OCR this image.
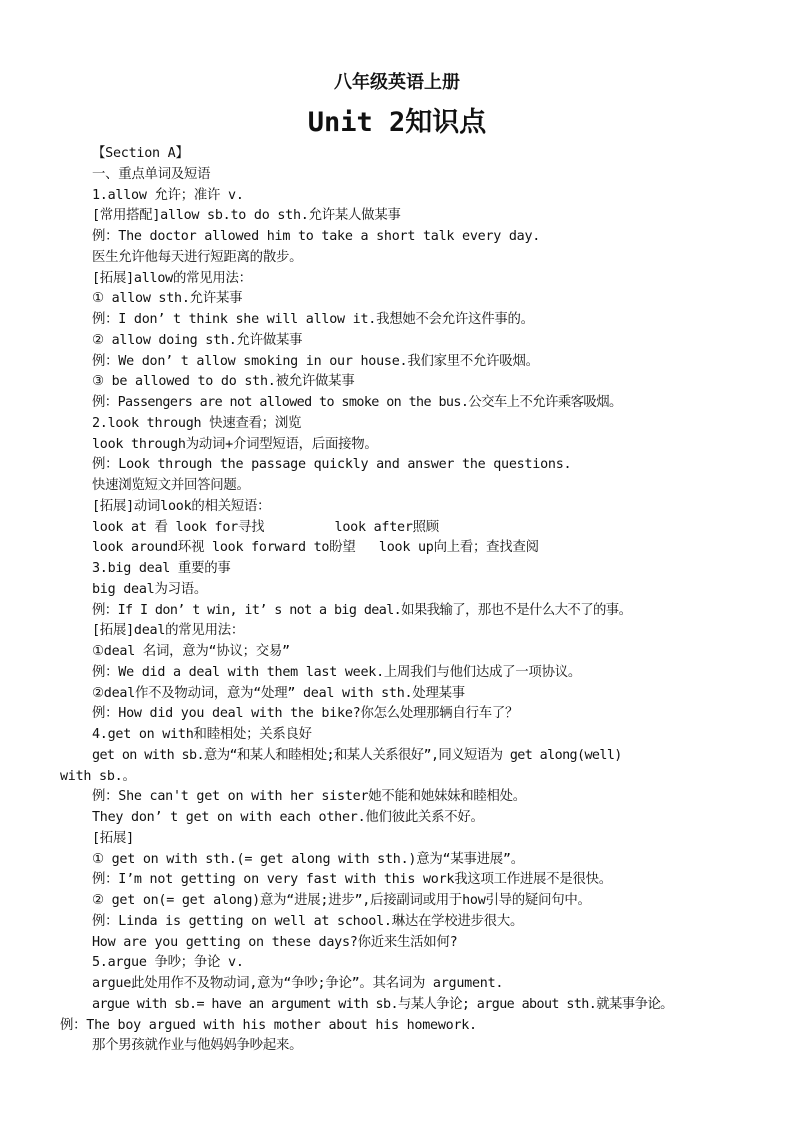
八年级英语上册
Unit 2知识点
【Section A】
一、重点单词及短语
1.allow 允许；准许 v.
[常用搭配]allow sb.to do sth.允许某人做某事
例：The doctor allowed him to take a short talk every day.
医生允许他每天进行短距离的散步。
[拓展]allow的常见用法：
① allow sth.允许某事
例：I don’ t think she will allow it.我想她不会允许这件事的。
② allow doing sth.允许做某事
例：We don’ t allow smoking in our house.我们家里不允许吸烟。
③ be allowed to do sth.被允许做某事
例：Passengers are not allowed to smoke on the bus.公交车上不允许乘客吸烟。
2.look through 快速查看；浏览
look through为动词+介词型短语，后面接物。
例：Look through the passage quickly and answer the questions.
快速浏览短文并回答问题。
[拓展]动词look的相关短语：
look at 看 look for寻找         look after照顾
look around环视 look forward to盼望   look up向上看；查找查阅
3.big deal 重要的事
big deal为习语。
例：If I don’ t win, it’ s not a big deal.如果我输了，那也不是什么大不了的事。
[拓展]deal的常见用法：
①deal 名词，意为“协议；交易”
例：We did a deal with them last week.上周我们与他们达成了一项协议。
②deal作不及物动词，意为“处理” deal with sth.处理某事
例：How did you deal with the bike?你怎么处理那辆自行车了？
4.get on with和睦相处；关系良好
get on with sb.意为“和某人和睦相处;和某人关系很好”,同义短语为 get along(well)
with sb.。
例：She can't get on with her sister她不能和她妹妹和睦相处。
They don’ t get on with each other.他们彼此关系不好。
[拓展]
① get on with sth.(= get along with sth.)意为“某事进展”。
例：I’m not getting on very fast with this work我这项工作进展不是很快。
② get on(= get along)意为“进展;进步”,后接副词或用于how引导的疑问句中。
例：Linda is getting on well at school.琳达在学校进步很大。
How are you getting on these days?你近来生活如何?
5.argue 争吵；争论 v.
argue此处用作不及物动词,意为“争吵;争论”。其名词为 argument.
argue with sb.= have an argument with sb.与某人争论; argue about sth.就某事争论。
例：The boy argued with his mother about his homework.
那个男孩就作业与他妈妈争吵起来。
